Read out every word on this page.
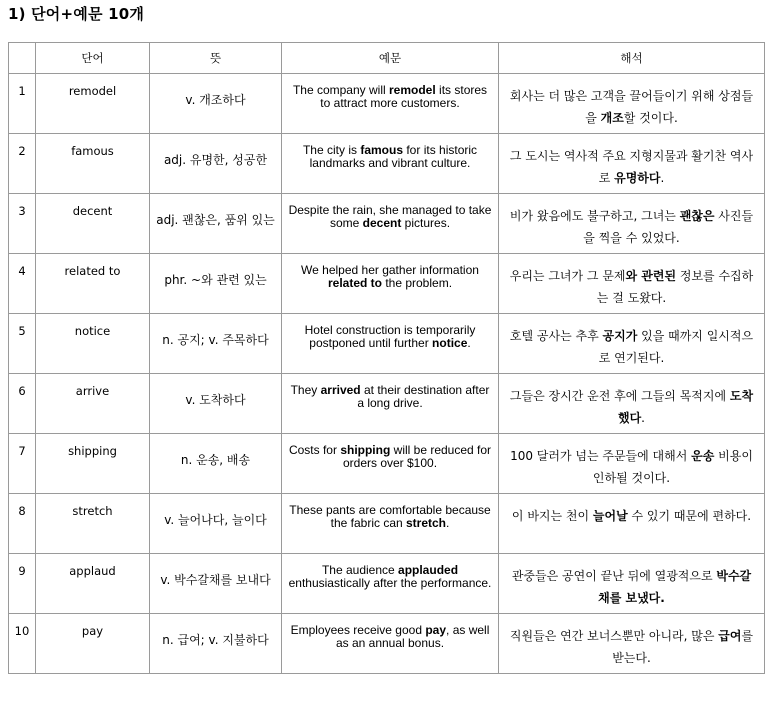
1) 단어+예문 10개
	단어	뜻	예문	해석

1	remodel	v. 개조하다	The company will remodel its stores to attract more customers.	회사는 더 많은 고객을 끌어들이기 위해 상점들을 개조할 것이다.

2	famous	adj. 유명한, 성공한	The city is famous for its historic landmarks and vibrant culture.	그 도시는 역사적 주요 지형지물과 활기찬 역사로 유명하다.

3	decent	adj. 괜찮은, 품위 있는	Despite the rain, she managed to take some decent pictures.	비가 왔음에도 불구하고, 그녀는 괜찮은 사진들을 찍을 수 있었다.

4	related to	phr. ~와 관련 있는	We helped her gather information related to the problem.	우리는 그녀가 그 문제와 관련된 정보를 수집하는 걸 도왔다.

5	notice	n. 공지; v. 주목하다	Hotel construction is temporarily postponed until further notice.	호텔 공사는 추후 공지가 있을 때까지 일시적으로 연기된다.

6	arrive	v. 도착하다	They arrived at their destination after a long drive.	그들은 장시간 운전 후에 그들의 목적지에 도착했다.

7	shipping	n. 운송, 배송	Costs for shipping will be reduced for orders over $100.	100 달러가 넘는 주문들에 대해서 운송 비용이 인하될 것이다.

8	stretch	v. 늘어나다, 늘이다	These pants are comfortable because the fabric can stretch.	이 바지는 천이 늘어날 수 있기 때문에 편하다.

9	applaud	v. 박수갈채를 보내다	The audience applauded enthusiastically after the performance.	관중들은 공연이 끝난 뒤에 열광적으로 박수갈채를 보냈다.

10	pay	n. 급여; v. 지불하다	Employees receive good pay, as well as an annual bonus.	직원들은 연간 보너스뿐만 아니라, 많은 급여를 받는다.
